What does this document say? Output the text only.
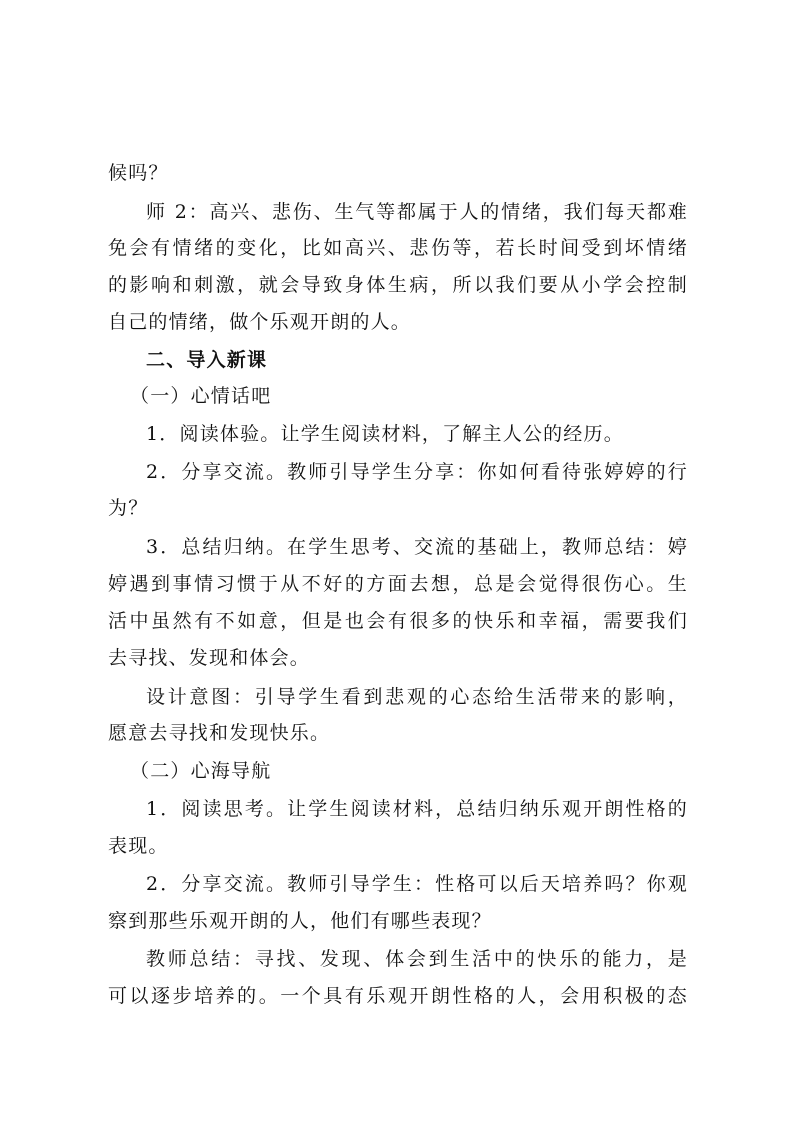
候吗？
师 2：高兴、悲伤、生气等都属于人的情绪，我们每天都难
免会有情绪的变化，比如高兴、悲伤等，若长时间受到坏情绪
的影响和刺激，就会导致身体生病，所以我们要从小学会控制
自己的情绪，做个乐观开朗的人。
二、导入新课
（一）心情话吧
1．阅读体验。让学生阅读材料，了解主人公的经历。
2．分享交流。教师引导学生分享：你如何看待张婷婷的行
为？
3．总结归纳。在学生思考、交流的基础上，教师总结：婷
婷遇到事情习惯于从不好的方面去想，总是会觉得很伤心。生
活中虽然有不如意，但是也会有很多的快乐和幸福，需要我们
去寻找、发现和体会。
设计意图：引导学生看到悲观的心态给生活带来的影响，
愿意去寻找和发现快乐。
（二）心海导航
1．阅读思考。让学生阅读材料，总结归纳乐观开朗性格的
表现。
2．分享交流。教师引导学生：性格可以后天培养吗？你观
察到那些乐观开朗的人，他们有哪些表现？
教师总结：寻找、发现、体会到生活中的快乐的能力，是
可以逐步培养的。一个具有乐观开朗性格的人，会用积极的态
